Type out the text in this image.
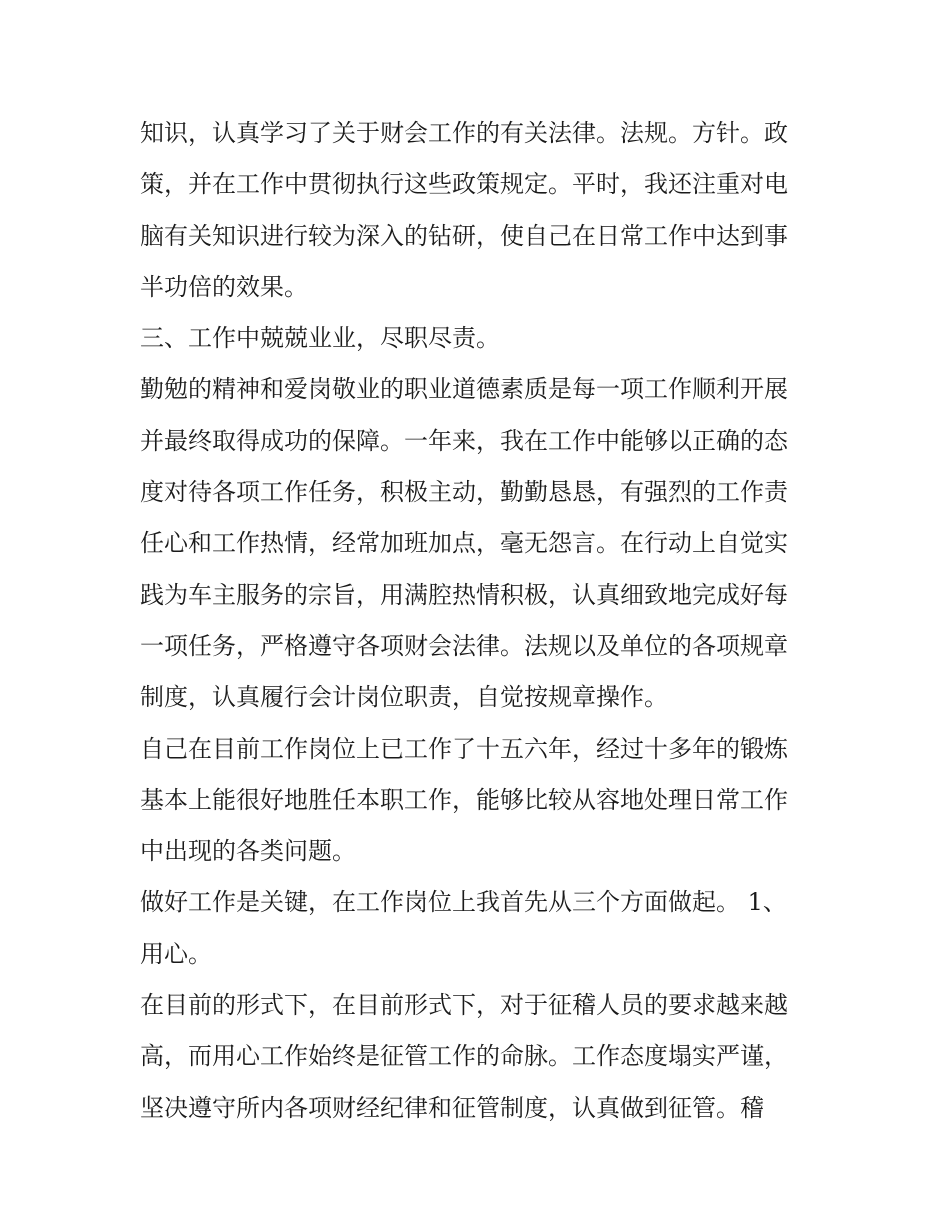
知识，认真学习了关于财会工作的有关法律。法规。方针。政
策，并在工作中贯彻执行这些政策规定。平时，我还注重对电
脑有关知识进行较为深入的钻研，使自己在日常工作中达到事
半功倍的效果。
三、工作中兢兢业业，尽职尽责。
勤勉的精神和爱岗敬业的职业道德素质是每一项工作顺利开展
并最终取得成功的保障。一年来，我在工作中能够以正确的态
度对待各项工作任务，积极主动，勤勤恳恳，有强烈的工作责
任心和工作热情，经常加班加点，毫无怨言。在行动上自觉实
践为车主服务的宗旨，用满腔热情积极，认真细致地完成好每
一项任务，严格遵守各项财会法律。法规以及单位的各项规章
制度，认真履行会计岗位职责，自觉按规章操作。
自己在目前工作岗位上已工作了十五六年，经过十多年的锻炼
基本上能很好地胜任本职工作，能够比较从容地处理日常工作
中出现的各类问题。
做好工作是关键，在工作岗位上我首先从三个方面做起。 1、
用心。
在目前的形式下，在目前形式下，对于征稽人员的要求越来越
高，而用心工作始终是征管工作的命脉。工作态度塌实严谨，
坚决遵守所内各项财经纪律和征管制度，认真做到征管。稽
